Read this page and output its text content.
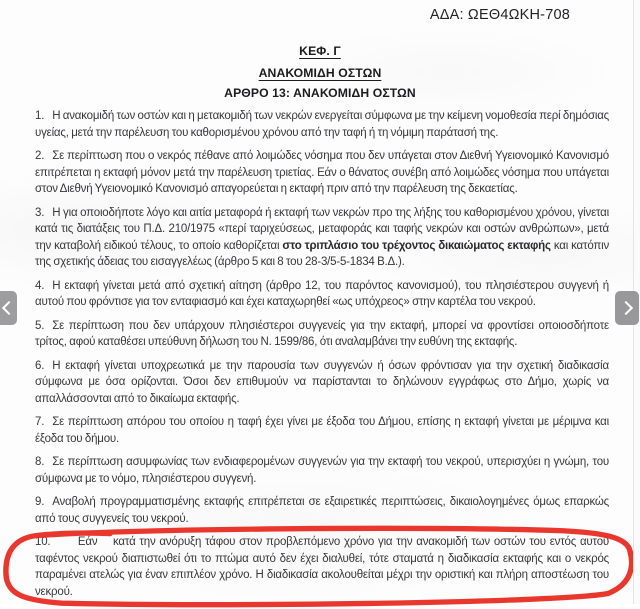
ΑΔΑ: ΩΕΘ4ΩΚΗ-708
ΚΕΦ. Γ
ΑΝΑΚΟΜΙΔΗ ΟΣΤΩΝ
ΑΡΘΡΟ 13: ΑΝΑΚΟΜΙΔΗ ΟΣΤΩΝ

1. Η ανακομιδή των οστών και η μετακομιδή των νεκρών ενεργείται σύμφωνα με την κείμενη νομοθεσία περί δημόσιας υγείας, μετά την παρέλευση του καθορισμένου χρόνου από την ταφή ή τη νόμιμη παράτασή της.

2. Σε περίπτωση που ο νεκρός πέθανε από λοιμώδες νόσημα που δεν υπάγεται στον Διεθνή Υγειονομικό Κανονισμό επιτρέπεται η εκταφή μόνον μετά την παρέλευση τριετίας. Εάν ο θάνατος συνέβη από λοιμώδες νόσημα που υπάγεται στον Διεθνή Υγειονομικό Κανονισμό απαγορεύεται η εκταφή πριν από την παρέλευση της δεκαετίας.

3. Η για οποιοδήποτε λόγο και αιτία μεταφορά ή εκταφή των νεκρών προ της λήξης του καθορισμένου χρόνου, γίνεται κατά τις διατάξεις του Π.Δ. 210/1975 «περί ταριχεύσεως, μεταφοράς και ταφής νεκρών και οστών ανθρώπων», μετά την καταβολή ειδικού τέλους, το οποίο καθορίζεται στο τριπλάσιο του τρέχοντος δικαιώματος εκταφής και κατόπιν της σχετικής άδειας του εισαγγελέως (άρθρο 5 και 8 του 28-3/5-5-1834 Β.Δ.).

4. Η εκταφή γίνεται μετά από σχετική αίτηση (άρθρο 12, του παρόντος κανονισμού), του πλησιέστερου συγγενή ή αυτού που φρόντισε για τον ενταφιασμό και έχει καταχωρηθεί «ως υπόχρεος» στην καρτέλα του νεκρού.

5. Σε περίπτωση που δεν υπάρχουν πλησιέστεροι συγγενείς για την εκταφή, μπορεί να φροντίσει οποιοσδήποτε τρίτος, αφού καταθέσει υπεύθυνη δήλωση του Ν. 1599/86, ότι αναλαμβάνει την ευθύνη της εκταφής.

6. Η εκταφή γίνεται υποχρεωτικά με την παρουσία των συγγενών ή όσων φρόντισαν για την σχετική διαδικασία σύμφωνα με όσα ορίζονται. Όσοι δεν επιθυμούν να παρίστανται το δηλώνουν εγγράφως στο Δήμο, χωρίς να απαλλάσσονται από το δικαίωμα εκταφής.

7. Σε περίπτωση απόρου του οποίου η ταφή έχει γίνει με έξοδα του Δήμου, επίσης η εκταφή γίνεται με μέριμνα και έξοδα του δήμου.

8. Σε περίπτωση ασυμφωνίας των ενδιαφερομένων συγγενών για την εκταφή του νεκρού, υπερισχύει η γνώμη, του σύμφωνα με το νόμο, πλησιέστερου συγγενή.

9. Αναβολή προγραμματισμένης εκταφής επιτρέπεται σε εξαιρετικές περιπτώσεις, δικαιολογημένες όμως επαρκώς από τους συγγενείς του νεκρού.

10.     Εάν    κατά την ανόρυξη τάφου στον προβλεπόμενο χρόνο για την ανακομιδή των οστών του εντός αυτού ταφέντος νεκρού διαπιστωθεί ότι το πτώμα αυτό δεν έχει διαλυθεί, τότε σταματά η διαδικασία εκταφής και ο νεκρός παραμένει ατελώς για έναν επιπλέον χρόνο. Η διαδικασία ακολουθείται μέχρι την οριστική και πλήρη αποστέωση του νεκρού.
